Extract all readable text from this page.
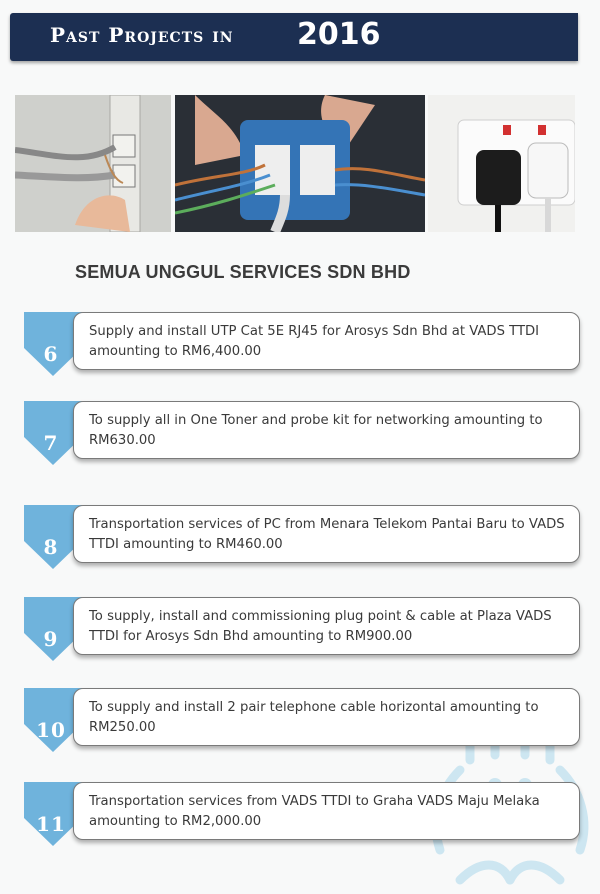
Past Projects in 2016
SEMUA UNGGUL SERVICES SDN BHD
6
Supply and install UTP Cat 5E RJ45 for Arosys Sdn Bhd at VADS TTDI amounting to RM6,400.00
7
To supply all in One Toner and probe kit for networking amounting to RM630.00
8
Transportation services of PC from Menara Telekom Pantai Baru to VADS TTDI amounting to RM460.00
9
To supply, install and commissioning plug point & cable at Plaza VADS TTDI for Arosys Sdn Bhd amounting to RM900.00
10
To supply and install 2 pair telephone cable horizontal amounting to RM250.00
11
Transportation services from VADS TTDI to Graha VADS Maju Melaka amounting to RM2,000.00
